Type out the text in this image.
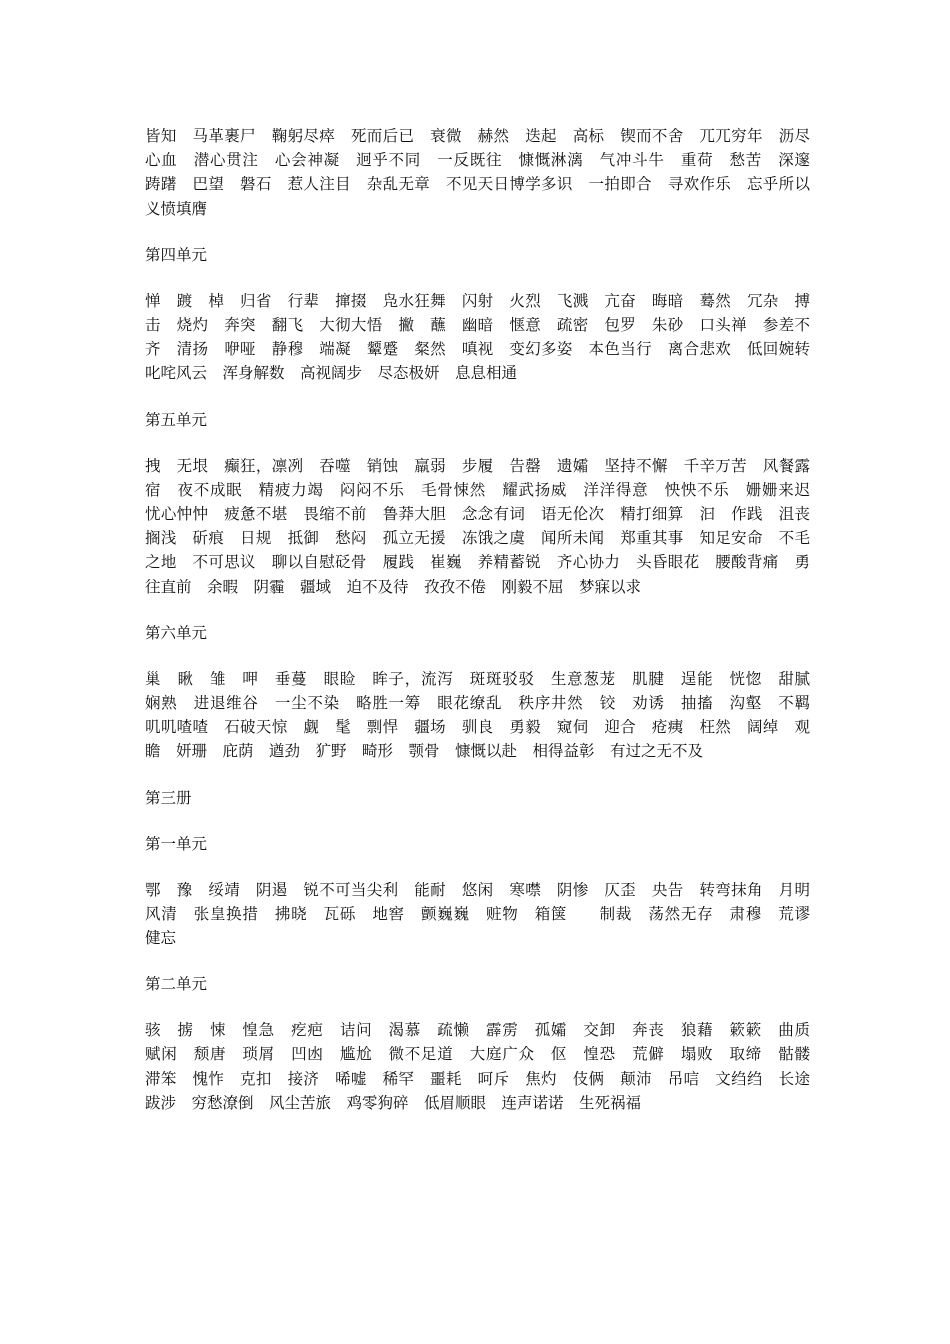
皆知　马革裹尸　鞠躬尽瘁　死而后已　衰微　赫然　迭起　高标　锲而不舍　兀兀穷年　沥尽心血　潜心贯注　心会神凝　迥乎不同　一反既往　慷慨淋漓　气冲斗牛　重荷　愁苦　深邃　踌躇　巴望　磐石　惹人注目　杂乱无章　不见天日博学多识　一拍即合　寻欢作乐　忘乎所以　义愤填膺

第四单元

惮　踱　棹　归省　行辈　撺掇　凫水狂舞　闪射　火烈　飞溅　亢奋　晦暗　蓦然　冗杂　搏击　烧灼　奔突　翻飞　大彻大悟　撇　蘸　幽暗　惬意　疏密　包罗　朱砂　口头禅　参差不齐　清扬　咿哑　静穆　端凝　颦蹙　粲然　嗔视　变幻多姿　本色当行　离合悲欢　低回婉转　叱咤风云　浑身解数　高视阔步　尽态极妍　息息相通

第五单元

拽　无垠　癫狂，凛冽　吞噬　销蚀　羸弱　步履　告罄　遗孀　坚持不懈　千辛万苦　风餐露宿　夜不成眠　精疲力竭　闷闷不乐　毛骨悚然　耀武扬威　洋洋得意　怏怏不乐　姗姗来迟　忧心忡忡　疲惫不堪　畏缩不前　鲁莽大胆　念念有词　语无伦次　精打细算　汩　作践　沮丧　搁浅　斫痕　日规　抵御　愁闷　孤立无援　冻饿之虞　闻所未闻　郑重其事　知足安命　不毛之地　不可思议　聊以自慰砭骨　履践　崔巍　养精蓄锐　齐心协力　头昏眼花　腰酸背痛　勇往直前　余暇　阴霾　疆域　迫不及待　孜孜不倦　刚毅不屈　梦寐以求

第六单元

巢　瞅　雏　呷　垂蔓　眼睑　眸子，流泻　斑斑驳驳　生意葱茏　肌腱　逞能　恍惚　甜腻　娴熟　进退维谷　一尘不染　略胜一筹　眼花缭乱　秩序井然　铰　劝诱　抽搐　沟壑　不羁　叽叽喳喳　石破天惊　觑　髦　剽悍　疆场　驯良　勇毅　窥伺　迎合　疮痍　枉然　阔绰　观瞻　妍珊　庇荫　遒劲　犷野　畸形　颚骨　慷慨以赴　相得益彰　有过之无不及

第三册

第一单元

鄂　豫　绥靖　阴遏　锐不可当尖利　能耐　悠闲　寒噤　阴惨　仄歪　央告　转弯抹角　月明风清　张皇换措　拂晓　瓦砾　地窖　颤巍巍　赃物　箱箧　　制裁　荡然无存　肃穆　荒谬　健忘

第二单元

骇　掳　悚　惶急　疙疤　诘问　渴慕　疏懒　霹雳　孤孀　交卸　奔丧　狼藉　簌簌　曲质　赋闲　颓唐　琐屑　凹凼　尴尬　微不足道　大庭广众　伛　惶恐　荒僻　塌败　取缔　骷髅　滞笨　愧怍　克扣　接济　唏嘘　稀罕　噩耗　呵斥　焦灼　伎俩　颠沛　吊唁　文绉绉　长途跋涉　穷愁潦倒　风尘苦旅　鸡零狗碎　低眉顺眼　连声诺诺　生死祸福
